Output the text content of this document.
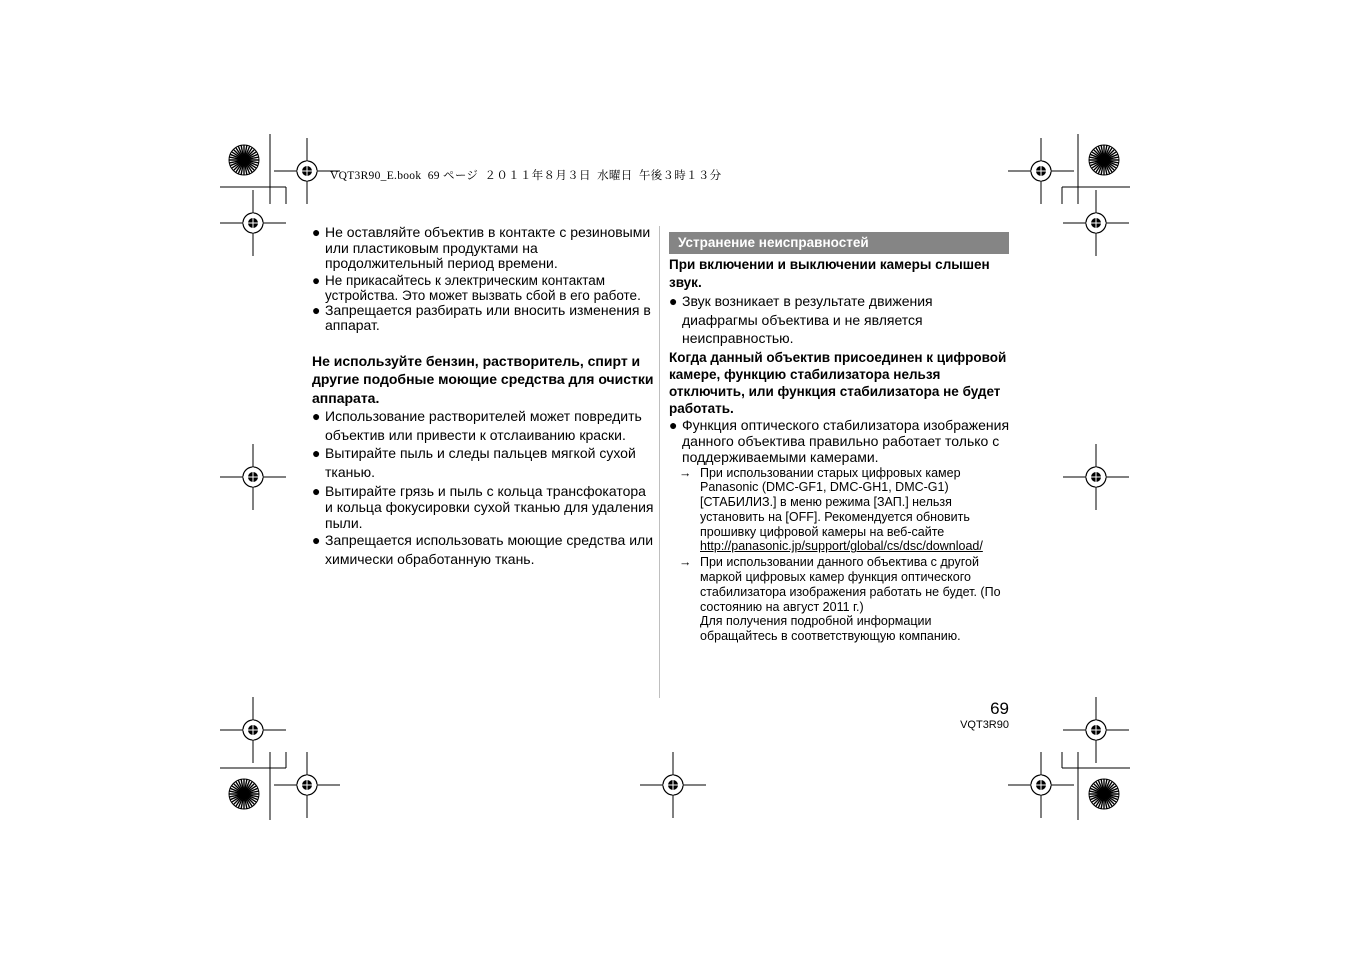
VQT3R90_E.book  69 ページ  ２０１１年８月３日  水曜日  午後３時１３分
● Не оставляйте объектив в контакте с резиновыми или пластиковым продуктами на продолжительный период времени.
● Не прикасайтесь к электрическим контактам устройства. Это может вызвать сбой в его работе.
● Запрещается разбирать или вносить изменения в аппарат.
Не используйте бензин, растворитель, спирт и другие подобные моющие средства для очистки аппарата.
● Использование растворителей может повредить объектив или привести к отслаиванию краски.
● Вытирайте пыль и следы пальцев мягкой сухой тканью.
● Вытирайте грязь и пыль с кольца трансфокатора и кольца фокусировки сухой тканью для удаления пыли.
● Запрещается использовать моющие средства или химически обработанную ткань.
Устранение неисправностей
При включении и выключении камеры слышен звук.
● Звук возникает в результате движения диафрагмы объектива и не является неисправностью.
Когда данный объектив присоединен к цифровой камере, функцию стабилизатора нельзя отключить, или функция стабилизатора не будет работать.
● Функция оптического стабилизатора изображения данного объектива правильно работает только с поддерживаемыми камерами.
→ При использовании старых цифровых камер Panasonic (DMC-GF1, DMC-GH1, DMC-G1) [СТАБИЛИЗ.] в меню режима [ЗАП.] нельзя установить на [OFF]. Рекомендуется обновить прошивку цифровой камеры на веб-сайте http://panasonic.jp/support/global/cs/dsc/download/
→ При использовании данного объектива с другой маркой цифровых камер функция оптического стабилизатора изображения работать не будет. (По состоянию на август 2011 г.)
Для получения подробной информации обращайтесь в соответствующую компанию.
69
VQT3R90
